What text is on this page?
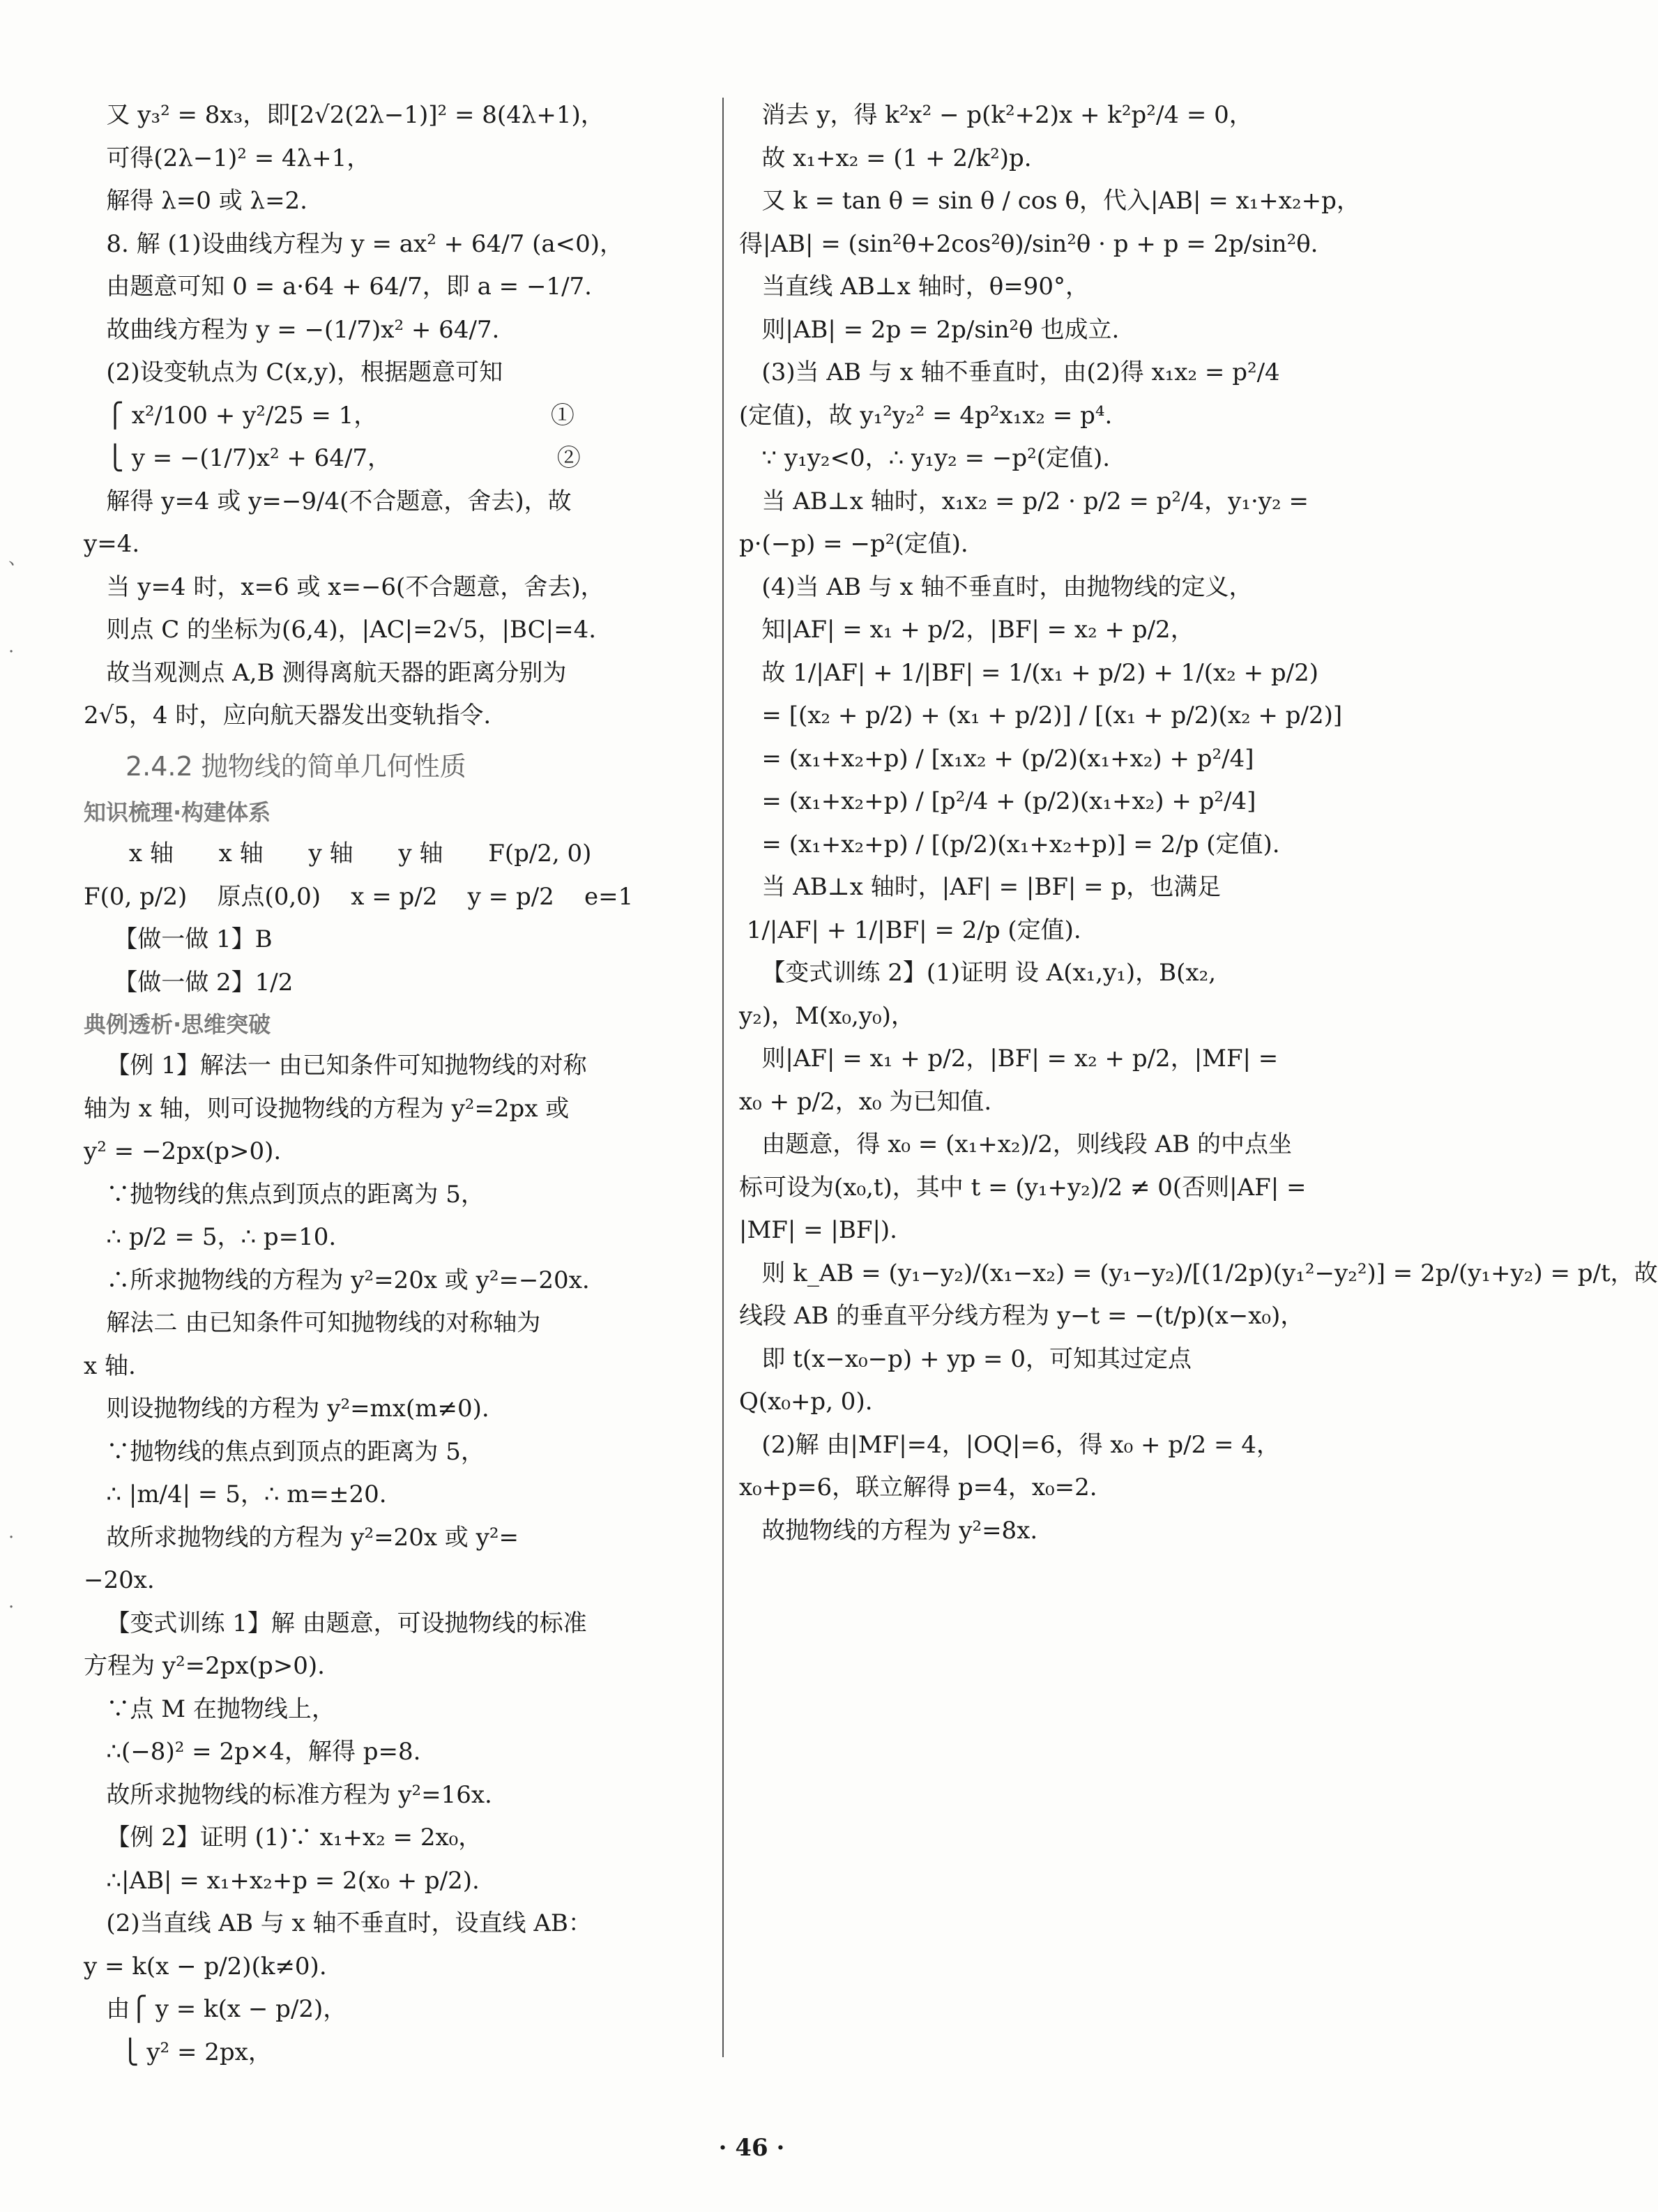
又 y₃² = 8x₃，即[2√2(2λ−1)]² = 8(4λ+1)，
可得(2λ−1)² = 4λ+1，
解得 λ=0 或 λ=2.
8. 解 (1)设曲线方程为 y = ax² + 64/7 (a<0)，
由题意可知 0 = a·64 + 64/7，即 a = −1/7.
故曲线方程为 y = −(1/7)x² + 64/7.
(2)设变轨点为 C(x,y)，根据题意可知
⎧ x²/100 + y²/25 = 1，                       ①
⎩ y = −(1/7)x² + 64/7，                      ②
解得 y=4 或 y=−9/4(不合题意，舍去)，故
y=4.
当 y=4 时，x=6 或 x=−6(不合题意，舍去)，
则点 C 的坐标为(6,4)，|AC|=2√5，|BC|=4.
故当观测点 A,B 测得离航天器的距离分别为
2√5，4 时，应向航天器发出变轨指令.
2.4.2 抛物线的简单几何性质
知识梳理·构建体系
x 轴      x 轴      y 轴      y 轴      F(p/2, 0)
F(0, p/2)    原点(0,0)    x = p/2    y = p/2    e=1
【做一做 1】B
【做一做 2】1/2
典例透析·思维突破
【例 1】解法一 由已知条件可知抛物线的对称
轴为 x 轴，则可设抛物线的方程为 y²=2px 或
y² = −2px(p>0).
∵抛物线的焦点到顶点的距离为 5，
∴ p/2 = 5，∴ p=10.
∴所求抛物线的方程为 y²=20x 或 y²=−20x.
解法二 由已知条件可知抛物线的对称轴为
x 轴.
则设抛物线的方程为 y²=mx(m≠0).
∵抛物线的焦点到顶点的距离为 5，
∴ |m/4| = 5，∴ m=±20.
故所求抛物线的方程为 y²=20x 或 y²=
−20x.
【变式训练 1】解 由题意，可设抛物线的标准
方程为 y²=2px(p>0).
∵点 M 在抛物线上，
∴(−8)² = 2p×4，解得 p=8.
故所求抛物线的标准方程为 y²=16x.
【例 2】证明 (1)∵ x₁+x₂ = 2x₀，
∴|AB| = x₁+x₂+p = 2(x₀ + p/2).
(2)当直线 AB 与 x 轴不垂直时，设直线 AB：
y = k(x − p/2)(k≠0).
由⎧ y = k(x − p/2)，
⎩ y² = 2px，
消去 y，得 k²x² − p(k²+2)x + k²p²/4 = 0，
故 x₁+x₂ = (1 + 2/k²)p.
又 k = tan θ = sin θ / cos θ，代入|AB| = x₁+x₂+p，
得|AB| = (sin²θ+2cos²θ)/sin²θ · p + p = 2p/sin²θ.
当直线 AB⊥x 轴时，θ=90°，
则|AB| = 2p = 2p/sin²θ 也成立.
(3)当 AB 与 x 轴不垂直时，由(2)得 x₁x₂ = p²/4
(定值)，故 y₁²y₂² = 4p²x₁x₂ = p⁴.
∵ y₁y₂<0，∴ y₁y₂ = −p²(定值).
当 AB⊥x 轴时，x₁x₂ = p/2 · p/2 = p²/4，y₁·y₂ =
p·(−p) = −p²(定值).
(4)当 AB 与 x 轴不垂直时，由抛物线的定义，
知|AF| = x₁ + p/2，|BF| = x₂ + p/2，
故 1/|AF| + 1/|BF| = 1/(x₁ + p/2) + 1/(x₂ + p/2)
= [(x₂ + p/2) + (x₁ + p/2)] / [(x₁ + p/2)(x₂ + p/2)]
= (x₁+x₂+p) / [x₁x₂ + (p/2)(x₁+x₂) + p²/4]
= (x₁+x₂+p) / [p²/4 + (p/2)(x₁+x₂) + p²/4]
= (x₁+x₂+p) / [(p/2)(x₁+x₂+p)] = 2/p (定值).
当 AB⊥x 轴时，|AF| = |BF| = p，也满足
1/|AF| + 1/|BF| = 2/p (定值).
【变式训练 2】(1)证明 设 A(x₁,y₁)，B(x₂,
y₂)，M(x₀,y₀)，
则|AF| = x₁ + p/2，|BF| = x₂ + p/2，|MF| =
x₀ + p/2，x₀ 为已知值.
由题意，得 x₀ = (x₁+x₂)/2，则线段 AB 的中点坐
标可设为(x₀,t)，其中 t = (y₁+y₂)/2 ≠ 0(否则|AF| =
|MF| = |BF|).
则 k_AB = (y₁−y₂)/(x₁−x₂) = (y₁−y₂)/[(1/2p)(y₁²−y₂²)] = 2p/(y₁+y₂) = p/t，故
线段 AB 的垂直平分线方程为 y−t = −(t/p)(x−x₀)，
即 t(x−x₀−p) + yp = 0，可知其过定点
Q(x₀+p, 0).
(2)解 由|MF|=4，|OQ|=6，得 x₀ + p/2 = 4，
x₀+p=6，联立解得 p=4，x₀=2.
故抛物线的方程为 y²=8x.
、
·
·
·
· 46 ·
